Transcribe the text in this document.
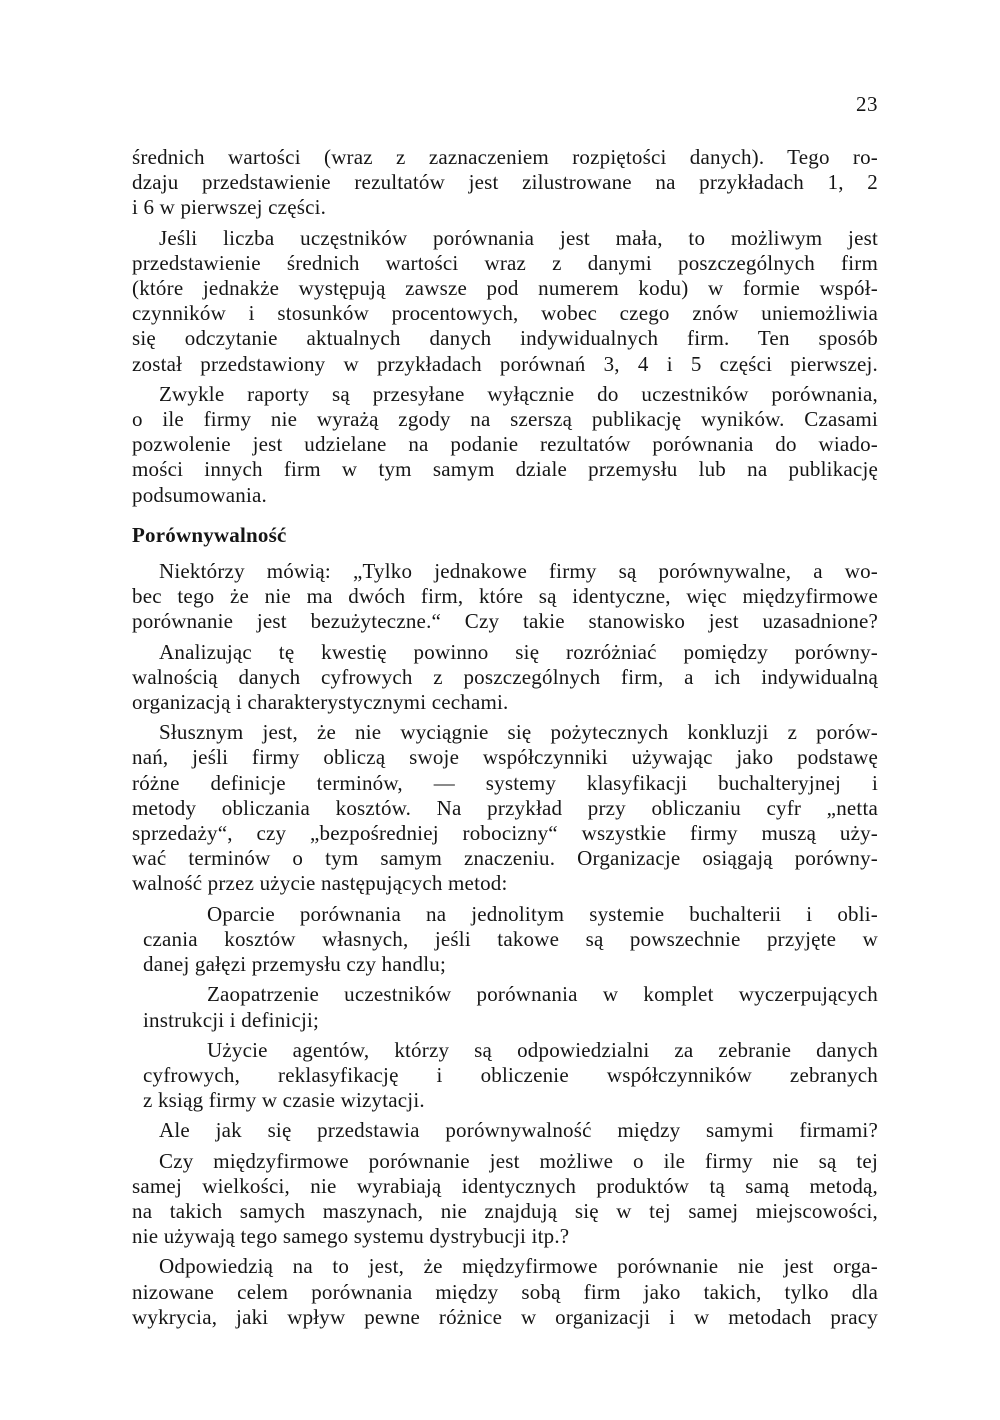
23
średnich wartości (wraz z zaznaczeniem rozpiętości danych). Tego ro-
dzaju przedstawienie rezultatów jest zilustrowane na przykładach 1, 2
i 6 w pierwszej części.
Jeśli liczba uczęstników porównania jest mała, to możliwym jest
przedstawienie średnich wartości wraz z danymi poszczególnych firm
(które jednakże występują zawsze pod numerem kodu) w formie współ-
czynników i stosunków procentowych, wobec czego znów uniemożliwia
się odczytanie aktualnych danych indywidualnych firm. Ten sposób
został przedstawiony w przykładach porównań 3, 4 i 5 części pierwszej.
Zwykle raporty są przesyłane wyłącznie do uczestników porównania,
o ile firmy nie wyrażą zgody na szerszą publikację wyników. Czasami
pozwolenie jest udzielane na podanie rezultatów porównania do wiado-
mości innych firm w tym samym dziale przemysłu lub na publikację
podsumowania.
Porównywalność
Niektórzy mówią: „Tylko jednakowe firmy są porównywalne, a wo-
bec tego że nie ma dwóch firm, które są identyczne, więc międzyfirmowe
porównanie jest bezużyteczne.“ Czy takie stanowisko jest uzasadnione?
Analizując tę kwestię powinno się rozróżniać pomiędzy porówny-
walnością danych cyfrowych z poszczególnych firm, a ich indywidualną
organizacją i charakterystycznymi cechami.
Słusznym jest, że nie wyciągnie się pożytecznych konkluzji z porów-
nań, jeśli firmy obliczą swoje współczynniki używając jako podstawę
różne definicje terminów, — systemy klasyfikacji buchalteryjnej i
metody obliczania kosztów. Na przykład przy obliczaniu cyfr „netta
sprzedaży“, czy „bezpośredniej robocizny“ wszystkie firmy muszą uży-
wać terminów o tym samym znaczeniu. Organizacje osiągają porówny-
walność przez użycie następujących metod:
Oparcie porównania na jednolitym systemie buchalterii i obli-
czania kosztów własnych, jeśli takowe są powszechnie przyjęte w
danej gałęzi przemysłu czy handlu;
Zaopatrzenie uczestników porównania w komplet wyczerpujących
instrukcji i definicji;
Użycie agentów, którzy są odpowiedzialni za zebranie danych
cyfrowych, reklasyfikację i obliczenie współczynników zebranych
z ksiąg firmy w czasie wizytacji.
Ale jak się przedstawia porównywalność między samymi firmami?
Czy międzyfirmowe porównanie jest możliwe o ile firmy nie są tej
samej wielkości, nie wyrabiają identycznych produktów tą samą metodą,
na takich samych maszynach, nie znajdują się w tej samej miejscowości,
nie używają tego samego systemu dystrybucji itp.?
Odpowiedzią na to jest, że międzyfirmowe porównanie nie jest orga-
nizowane celem porównania między sobą firm jako takich, tylko dla
wykrycia, jaki wpływ pewne różnice w organizacji i w metodach pracy
